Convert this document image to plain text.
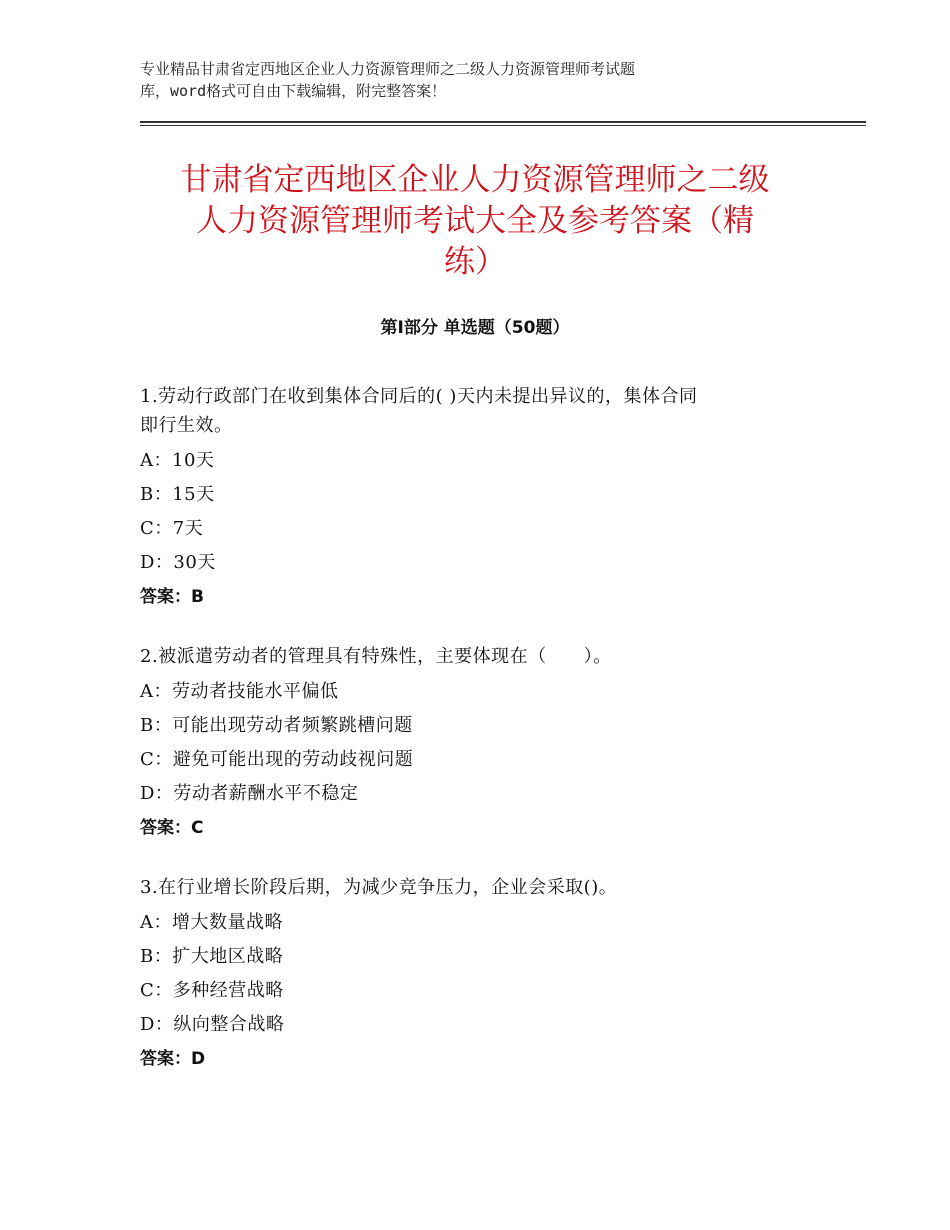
专业精品甘肃省定西地区企业人力资源管理师之二级人力资源管理师考试题
库，word格式可自由下载编辑，附完整答案！
甘肃省定西地区企业人力资源管理师之二级
人力资源管理师考试大全及参考答案（精
练）
第Ⅰ部分 单选题（50题）

1.劳动行政部门在收到集体合同后的( )天内未提出异议的，集体合同
即行生效。

A：10天

B：15天

C：7天

D：30天

答案：B

2.被派遣劳动者的管理具有特殊性，主要体现在（　　）。

A：劳动者技能水平偏低

B：可能出现劳动者频繁跳槽问题

C：避免可能出现的劳动歧视问题

D：劳动者薪酬水平不稳定

答案：C

3.在行业增长阶段后期，为减少竞争压力，企业会采取()。

A：增大数量战略

B：扩大地区战略

C：多种经营战略

D：纵向整合战略

答案：D
